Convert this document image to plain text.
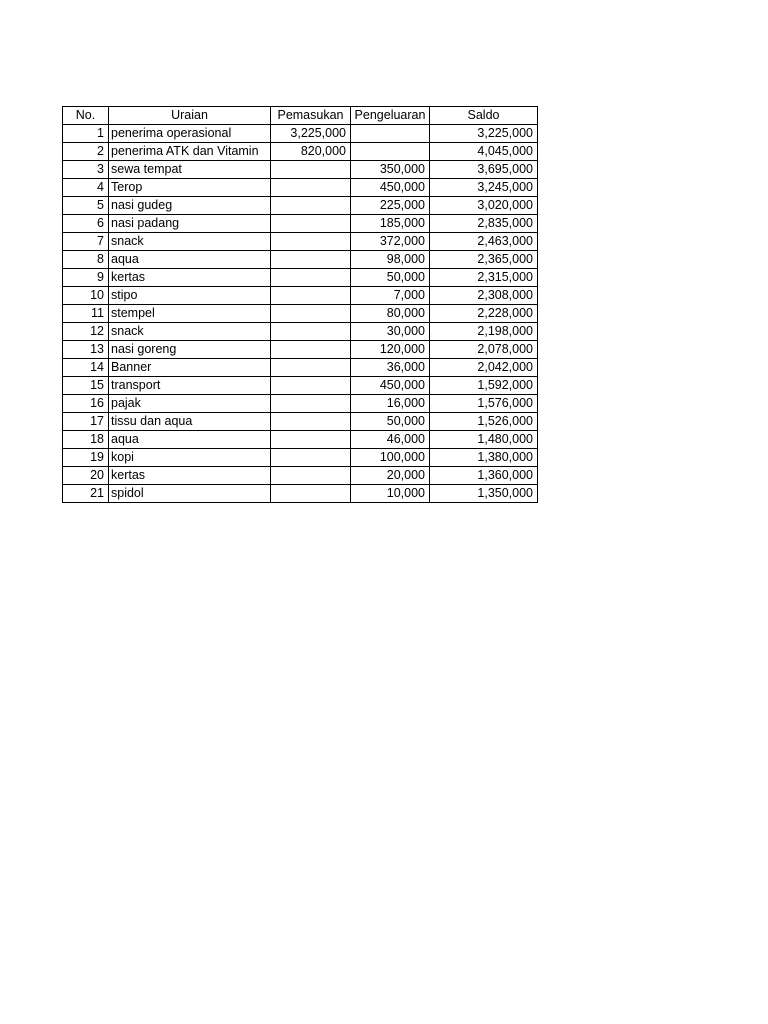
No.	Uraian	Pemasukan	Pengeluaran	Saldo
1	penerima operasional	3,225,000		3,225,000
2	penerima ATK dan Vitamin	820,000		4,045,000
3	sewa tempat		350,000	3,695,000
4	Terop		450,000	3,245,000
5	nasi gudeg		225,000	3,020,000
6	nasi padang		185,000	2,835,000
7	snack		372,000	2,463,000
8	aqua		98,000	2,365,000
9	kertas		50,000	2,315,000
10	stipo		7,000	2,308,000
11	stempel		80,000	2,228,000
12	snack		30,000	2,198,000
13	nasi goreng		120,000	2,078,000
14	Banner		36,000	2,042,000
15	transport		450,000	1,592,000
16	pajak		16,000	1,576,000
17	tissu dan aqua		50,000	1,526,000
18	aqua		46,000	1,480,000
19	kopi		100,000	1,380,000
20	kertas		20,000	1,360,000
21	spidol		10,000	1,350,000
